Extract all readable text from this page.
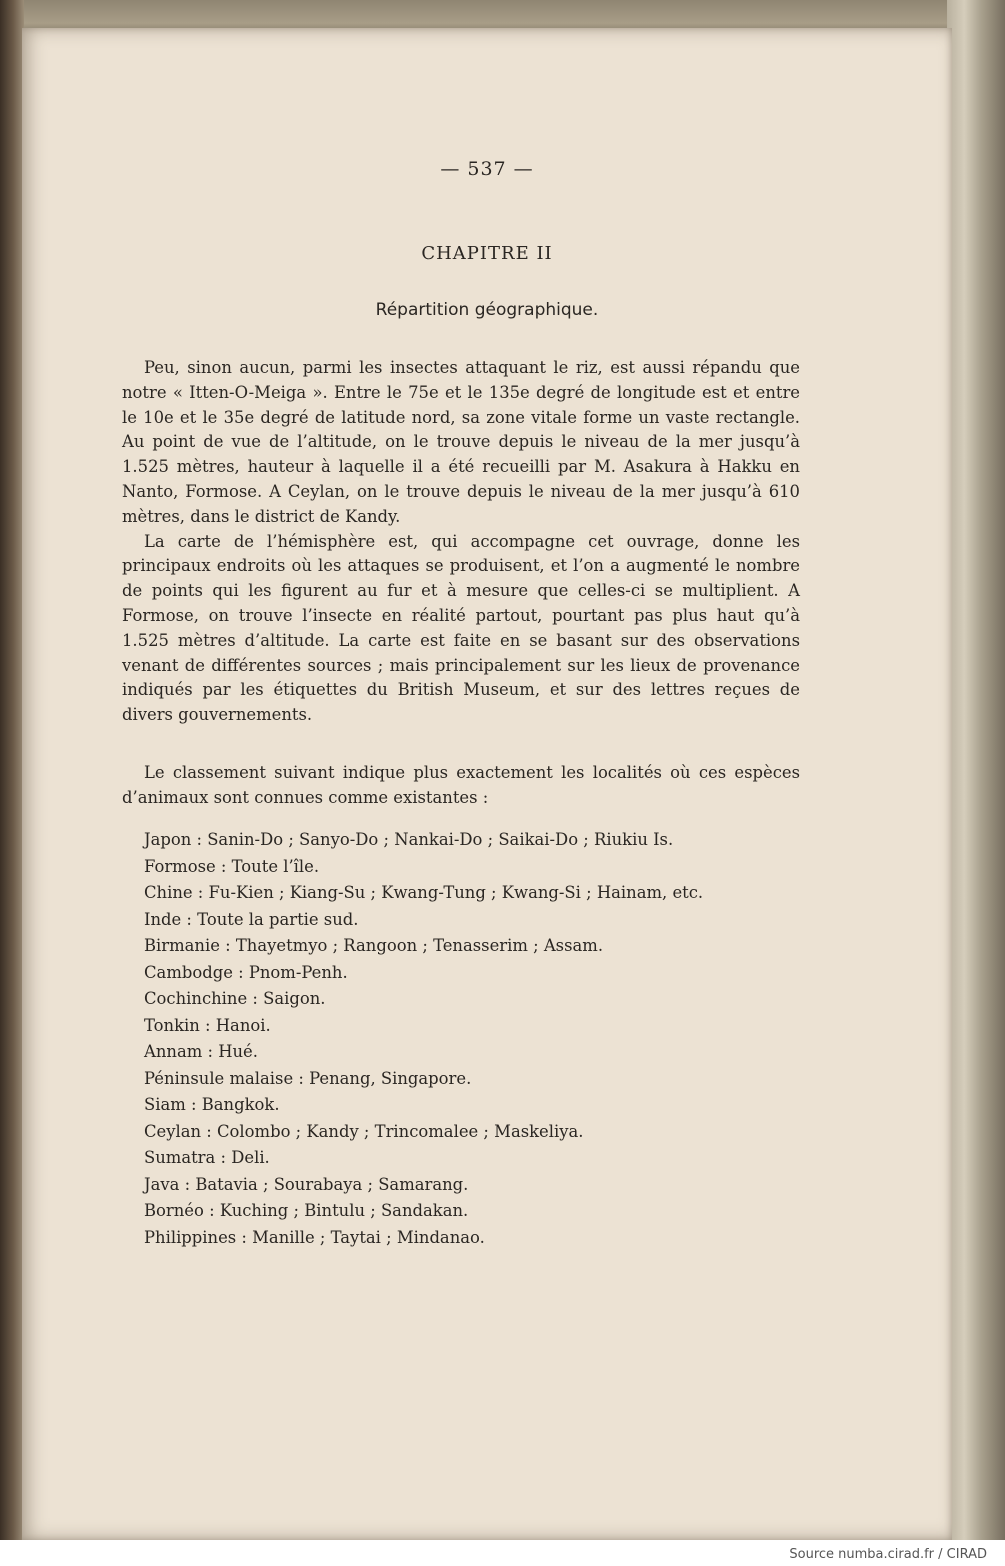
— 537 —
CHAPITRE II
Répartition géographique.

Peu, sinon aucun, parmi les insectes attaquant le riz, est aussi répandu que notre « Itten-O-Meiga ». Entre le 75e et le 135e degré de longitude est et entre le 10e et le 35e degré de latitude nord, sa zone vitale forme un vaste rectangle. Au point de vue de l’altitude, on le trouve depuis le niveau de la mer jusqu’à 1.525 mètres, hauteur à laquelle il a été recueilli par M. Asakura à Hakku en Nanto, Formose. A Ceylan, on le trouve depuis le niveau de la mer jusqu’à 610 mètres, dans le district de Kandy.

La carte de l’hémisphère est, qui accompagne cet ouvrage, donne les principaux endroits où les attaques se produisent, et l’on a augmenté le nombre de points qui les figurent au fur et à mesure que celles-ci se multiplient. A Formose, on trouve l’insecte en réalité partout, pourtant pas plus haut qu’à 1.525 mètres d’altitude. La carte est faite en se basant sur des observations venant de différentes sources ; mais principalement sur les lieux de provenance indiqués par les étiquettes du British Museum, et sur des lettres reçues de divers gouvernements.

Le classement suivant indique plus exactement les localités où ces espèces d’animaux sont connues comme existantes :

Japon : Sanin-Do ; Sanyo-Do ; Nankai-Do ; Saikai-Do ; Riukiu Is.
Formose : Toute l’île.
Chine : Fu-Kien ; Kiang-Su ; Kwang-Tung ; Kwang-Si ; Hainam, etc.
Inde : Toute la partie sud.
Birmanie : Thayetmyo ; Rangoon ; Tenasserim ; Assam.
Cambodge : Pnom-Penh.
Cochinchine : Saigon.
Tonkin : Hanoi.
Annam : Hué.
Péninsule malaise : Penang, Singapore.
Siam : Bangkok.
Ceylan : Colombo ; Kandy ; Trincomalee ; Maskeliya.
Sumatra : Deli.
Java : Batavia ; Sourabaya ; Samarang.
Bornéo : Kuching ; Bintulu ; Sandakan.
Philippines : Manille ; Taytai ; Mindanao.
Source numba.cirad.fr / CIRAD
